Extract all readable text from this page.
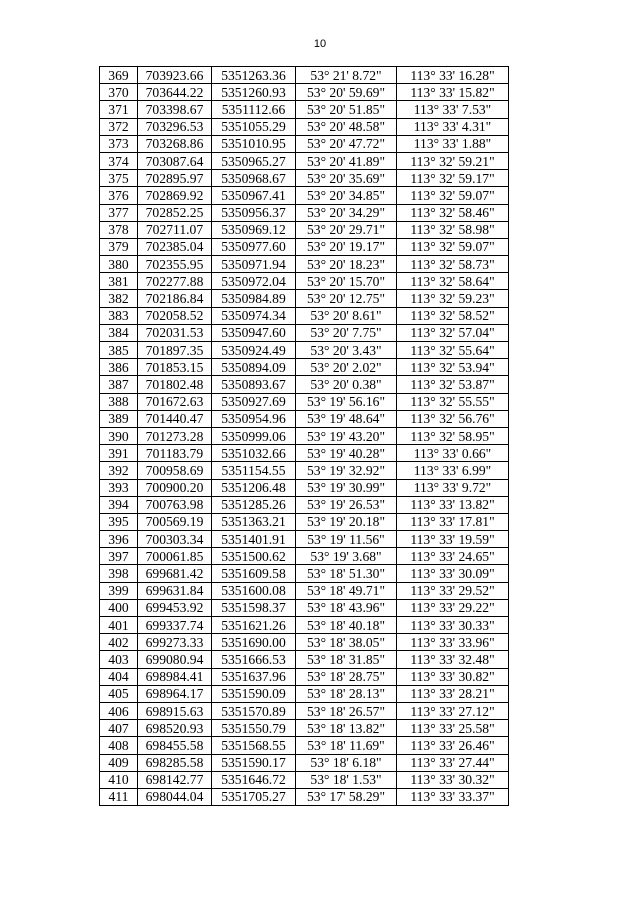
10
369	703923.66	5351263.36	53° 21' 8.72"	113° 33' 16.28"
370	703644.22	5351260.93	53° 20' 59.69"	113° 33' 15.82"
371	703398.67	5351112.66	53° 20' 51.85"	113° 33' 7.53"
372	703296.53	5351055.29	53° 20' 48.58"	113° 33' 4.31"
373	703268.86	5351010.95	53° 20' 47.72"	113° 33' 1.88"
374	703087.64	5350965.27	53° 20' 41.89"	113° 32' 59.21"
375	702895.97	5350968.67	53° 20' 35.69"	113° 32' 59.17"
376	702869.92	5350967.41	53° 20' 34.85"	113° 32' 59.07"
377	702852.25	5350956.37	53° 20' 34.29"	113° 32' 58.46"
378	702711.07	5350969.12	53° 20' 29.71"	113° 32' 58.98"
379	702385.04	5350977.60	53° 20' 19.17"	113° 32' 59.07"
380	702355.95	5350971.94	53° 20' 18.23"	113° 32' 58.73"
381	702277.88	5350972.04	53° 20' 15.70"	113° 32' 58.64"
382	702186.84	5350984.89	53° 20' 12.75"	113° 32' 59.23"
383	702058.52	5350974.34	53° 20' 8.61"	113° 32' 58.52"
384	702031.53	5350947.60	53° 20' 7.75"	113° 32' 57.04"
385	701897.35	5350924.49	53° 20' 3.43"	113° 32' 55.64"
386	701853.15	5350894.09	53° 20' 2.02"	113° 32' 53.94"
387	701802.48	5350893.67	53° 20' 0.38"	113° 32' 53.87"
388	701672.63	5350927.69	53° 19' 56.16"	113° 32' 55.55"
389	701440.47	5350954.96	53° 19' 48.64"	113° 32' 56.76"
390	701273.28	5350999.06	53° 19' 43.20"	113° 32' 58.95"
391	701183.79	5351032.66	53° 19' 40.28"	113° 33' 0.66"
392	700958.69	5351154.55	53° 19' 32.92"	113° 33' 6.99"
393	700900.20	5351206.48	53° 19' 30.99"	113° 33' 9.72"
394	700763.98	5351285.26	53° 19' 26.53"	113° 33' 13.82"
395	700569.19	5351363.21	53° 19' 20.18"	113° 33' 17.81"
396	700303.34	5351401.91	53° 19' 11.56"	113° 33' 19.59"
397	700061.85	5351500.62	53° 19' 3.68"	113° 33' 24.65"
398	699681.42	5351609.58	53° 18' 51.30"	113° 33' 30.09"
399	699631.84	5351600.08	53° 18' 49.71"	113° 33' 29.52"
400	699453.92	5351598.37	53° 18' 43.96"	113° 33' 29.22"
401	699337.74	5351621.26	53° 18' 40.18"	113° 33' 30.33"
402	699273.33	5351690.00	53° 18' 38.05"	113° 33' 33.96"
403	699080.94	5351666.53	53° 18' 31.85"	113° 33' 32.48"
404	698984.41	5351637.96	53° 18' 28.75"	113° 33' 30.82"
405	698964.17	5351590.09	53° 18' 28.13"	113° 33' 28.21"
406	698915.63	5351570.89	53° 18' 26.57"	113° 33' 27.12"
407	698520.93	5351550.79	53° 18' 13.82"	113° 33' 25.58"
408	698455.58	5351568.55	53° 18' 11.69"	113° 33' 26.46"
409	698285.58	5351590.17	53° 18' 6.18"	113° 33' 27.44"
410	698142.77	5351646.72	53° 18' 1.53"	113° 33' 30.32"
411	698044.04	5351705.27	53° 17' 58.29"	113° 33' 33.37"
